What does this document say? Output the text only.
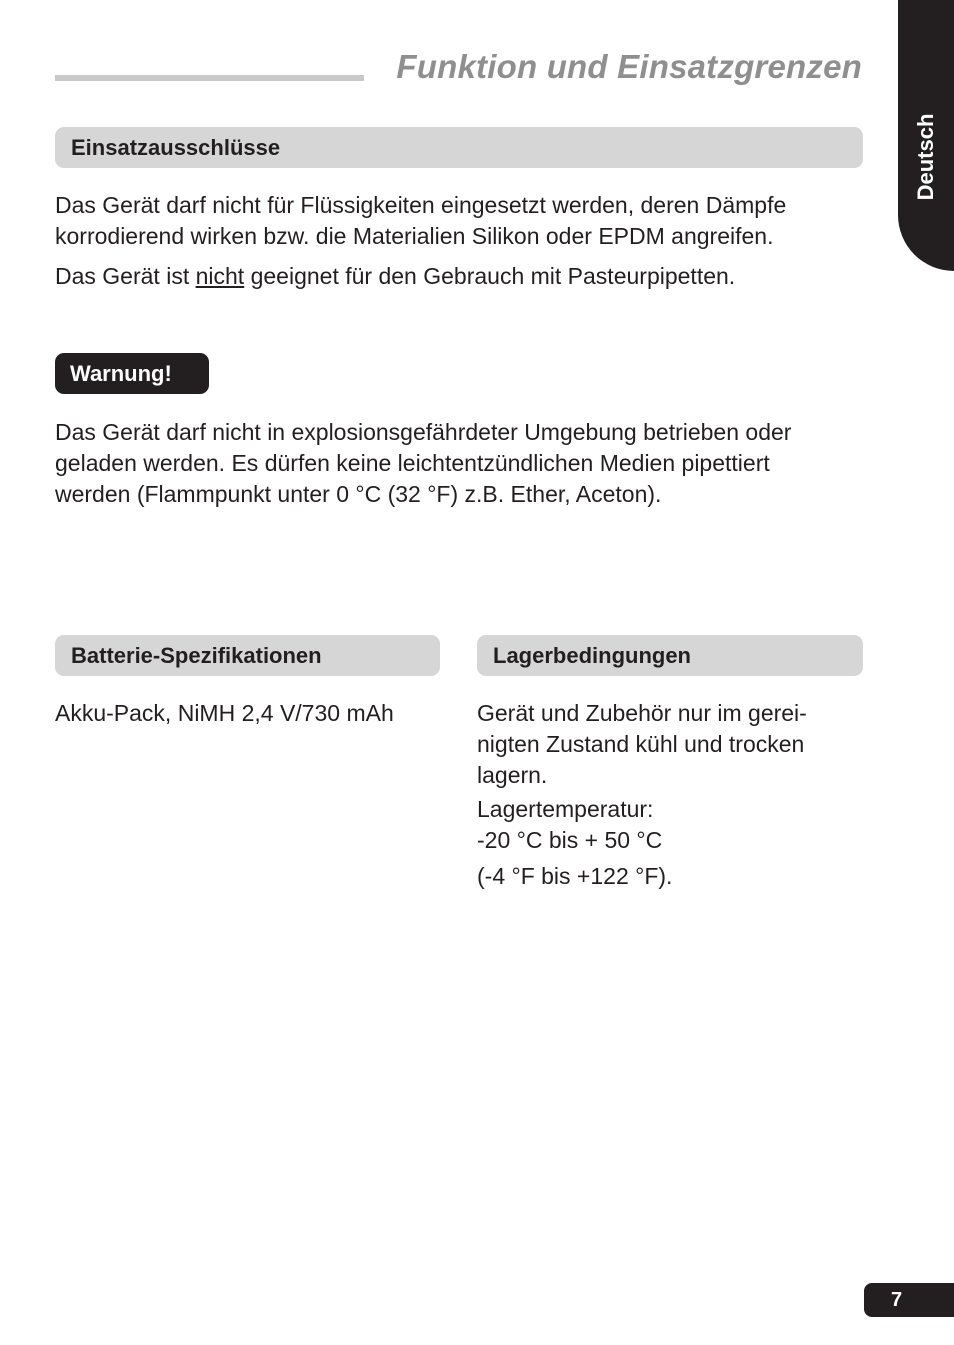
Funktion und Einsatzgrenzen
Deutsch
Einsatzausschlüsse

Das Gerät darf nicht für Flüssigkeiten eingesetzt werden, deren Dämpfe
korrodierend wirken bzw. die Materialien Silikon oder EPDM angreifen.

Das Gerät ist nicht geeignet für den Gebrauch mit Pasteurpipetten.

Warnung!

Das Gerät darf nicht in explosionsgefährdeter Umgebung betrieben oder
geladen werden. Es dürfen keine leichtentzündlichen Medien pipettiert
werden (Flammpunkt unter 0 °C (32 °F) z.B. Ether, Aceton).

Batterie-Spezifikationen

Akku-Pack, NiMH 2,4 V/730 mAh

Lagerbedingungen

Gerät und Zubehör nur im gerei-
nigten Zustand kühl und trocken
lagern.

Lagertemperatur:
-20 °C bis + 50 °C

(-4 °F bis +122 °F).

7
